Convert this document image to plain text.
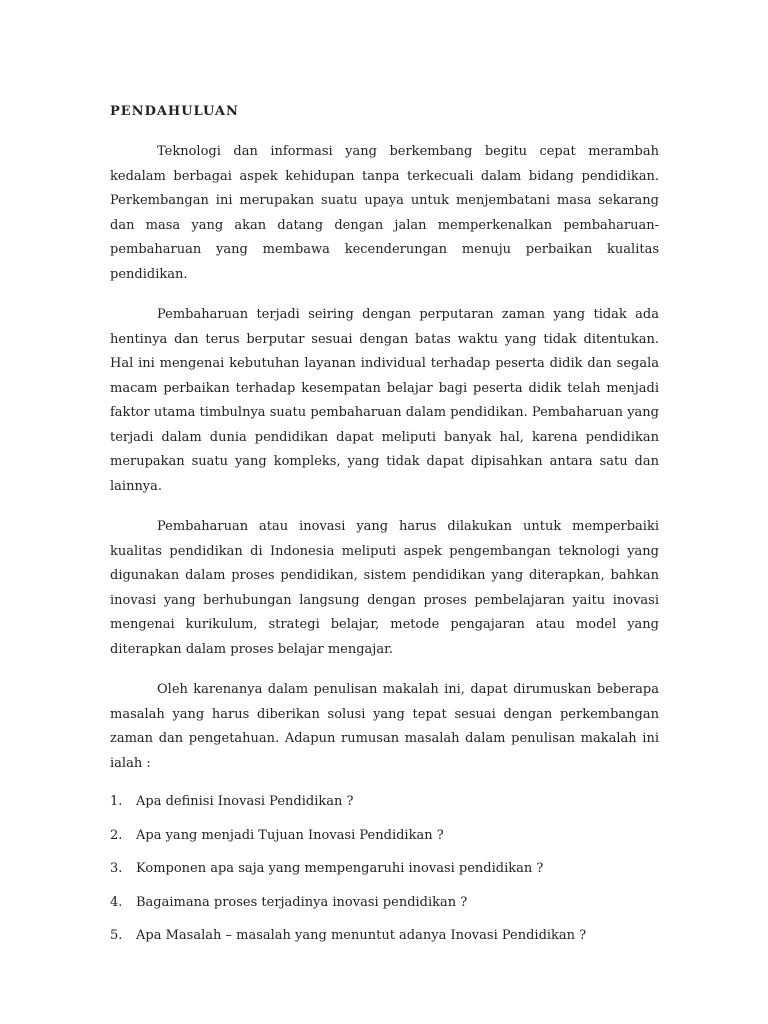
PENDAHULUAN

Teknologi dan informasi yang berkembang begitu cepat merambah kedalam berbagai aspek kehidupan tanpa terkecuali dalam bidang pendidikan. Perkembangan ini merupakan suatu upaya untuk menjembatani masa sekarang dan masa yang akan datang dengan jalan memperkenalkan pembaharuan-pembaharuan yang membawa kecenderungan menuju perbaikan kualitas pendidikan.

Pembaharuan terjadi seiring dengan perputaran zaman yang tidak ada hentinya dan terus berputar sesuai dengan batas waktu yang tidak ditentukan. Hal ini mengenai kebutuhan layanan individual terhadap peserta didik dan segala macam perbaikan terhadap kesempatan belajar bagi peserta didik telah menjadi faktor utama timbulnya suatu pembaharuan dalam pendidikan. Pembaharuan yang terjadi dalam dunia pendidikan dapat meliputi banyak hal, karena pendidikan merupakan suatu yang kompleks, yang tidak dapat dipisahkan antara satu dan lainnya.

Pembaharuan atau inovasi yang harus dilakukan untuk memperbaiki kualitas pendidikan di Indonesia meliputi aspek pengembangan teknologi yang digunakan dalam proses pendidikan, sistem pendidikan yang diterapkan, bahkan inovasi yang berhubungan langsung dengan proses pembelajaran yaitu inovasi mengenai kurikulum, strategi belajar, metode pengajaran atau model yang diterapkan dalam proses belajar mengajar.

Oleh karenanya dalam penulisan makalah ini, dapat dirumuskan beberapa masalah yang harus diberikan solusi yang tepat sesuai dengan perkembangan zaman dan pengetahuan. Adapun rumusan masalah dalam penulisan makalah ini ialah :

1.	Apa definisi Inovasi Pendidikan ?
2.	Apa yang menjadi Tujuan Inovasi Pendidikan ?
3.	Komponen apa saja yang mempengaruhi inovasi pendidikan ?
4.	Bagaimana proses terjadinya inovasi pendidikan ?
5.	Apa Masalah – masalah yang menuntut adanya Inovasi Pendidikan ?
